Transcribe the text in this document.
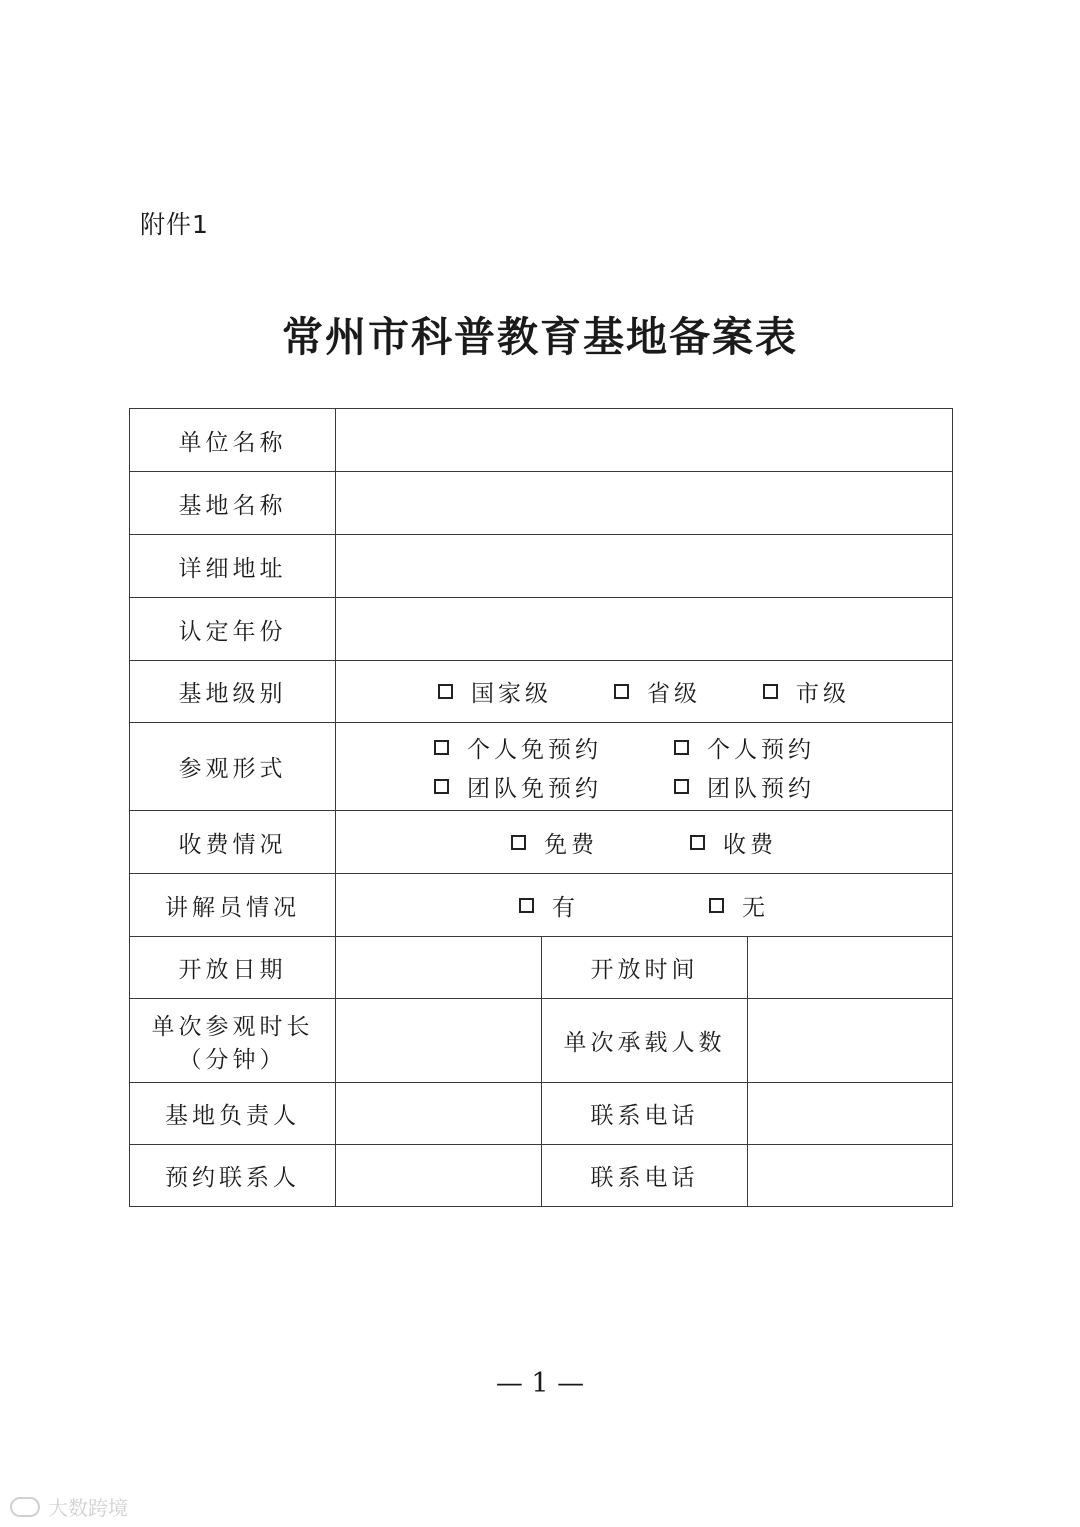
附件1
常州市科普教育基地备案表
单位名称			
基地名称			
详细地址			
认定年份			
基地级别	国家级 省级 市级		

参观形式	个人免预约 个人预约
团队免预约 团队预约		

收费情况	免费 收费		

讲解员情况	有 无		

开放日期		开放时间	

单次参观时长
（分钟）		单次承载人数	
基地负责人		联系电话	
预约联系人		联系电话	
— 1 —
大数跨境
